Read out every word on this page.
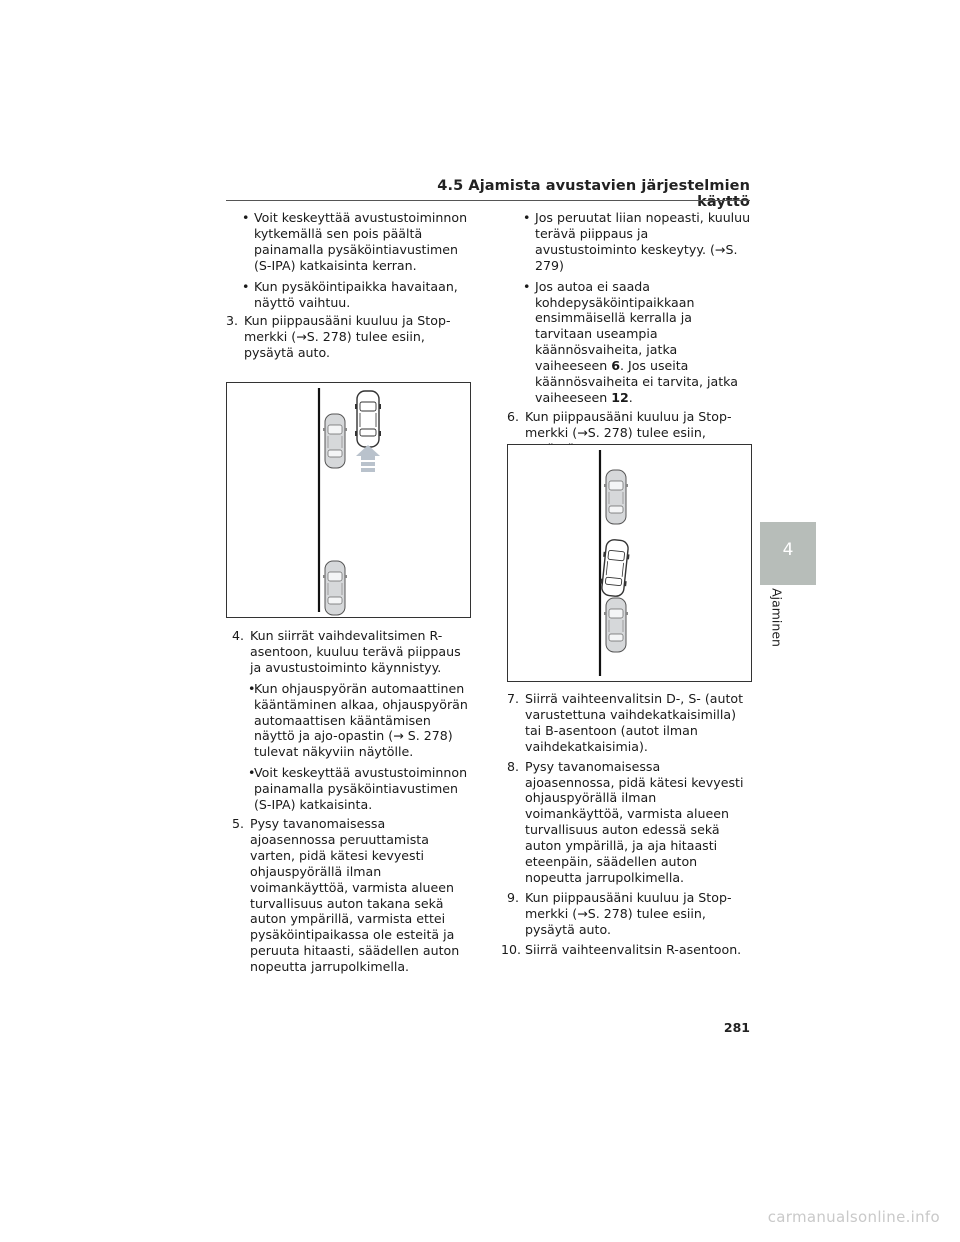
4.5 Ajamista avustavien järjestelmien käyttö

• Voit keskeyttää avustustoiminnon kytkemällä sen pois päältä painamalla pysäköintiavustimen (S-IPA) katkaisinta kerran.

• Kun pysäköintipaikka havaitaan, näyttö vaihtuu.

3. Kun piippausääni kuuluu ja Stop-merkki (→S. 278) tulee esiin, pysäytä auto.

4. Kun siirrät vaihdevalitsimen R-asentoon, kuuluu terävä piippaus ja avustustoiminto käynnistyy.

• Kun ohjauspyörän automaattinen kääntäminen alkaa, ohjauspyörän automaattisen kääntämisen näyttö ja ajo-opastin (→ S. 278) tulevat näkyviin näytölle.

• Voit keskeyttää avustustoiminnon painamalla pysäköintiavustimen (S-IPA) katkaisinta.

5. Pysy tavanomaisessa ajoasennossa peruuttamista varten, pidä kätesi kevyesti ohjauspyörällä ilman voimankäyttöä, varmista alueen turvallisuus auton takana sekä auton ympärillä, varmista ettei pysäköintipaikassa ole esteitä ja peruuta hitaasti, säädellen auton nopeutta jarrupolkimella.

• Jos peruutat liian nopeasti, kuuluu terävä piippaus ja avustustoiminto keskeytyy. (→S. 279)

• Jos autoa ei saada kohdepysäköintipaikkaan ensimmäisellä kerralla ja tarvitaan useampia käännösvaiheita, jatka vaiheeseen 6. Jos useita käännösvaiheita ei tarvita, jatka vaiheeseen 12.

6. Kun piippausääni kuuluu ja Stop-merkki (→S. 278) tulee esiin,

7. Siirrä vaihteenvalitsin D-, S- (autot varustettuna vaihdekatkaisimilla) tai B-asentoon (autot ilman vaihdekatkaisimia).

8. Pysy tavanomaisessa ajoasennossa, pidä kätesi kevyesti ohjauspyörällä ilman voimankäyttöä, varmista alueen turvallisuus auton edessä sekä auton ympärillä, ja aja hitaasti eteenpäin, säädellen auton nopeutta jarrupolkimella.

9. Kun piippausääni kuuluu ja Stop-merkki (→S. 278) tulee esiin, pysäytä auto.

10. Siirrä vaihteenvalitsin R-asentoon.

4
Ajaminen
281
carmanualsonline.info
